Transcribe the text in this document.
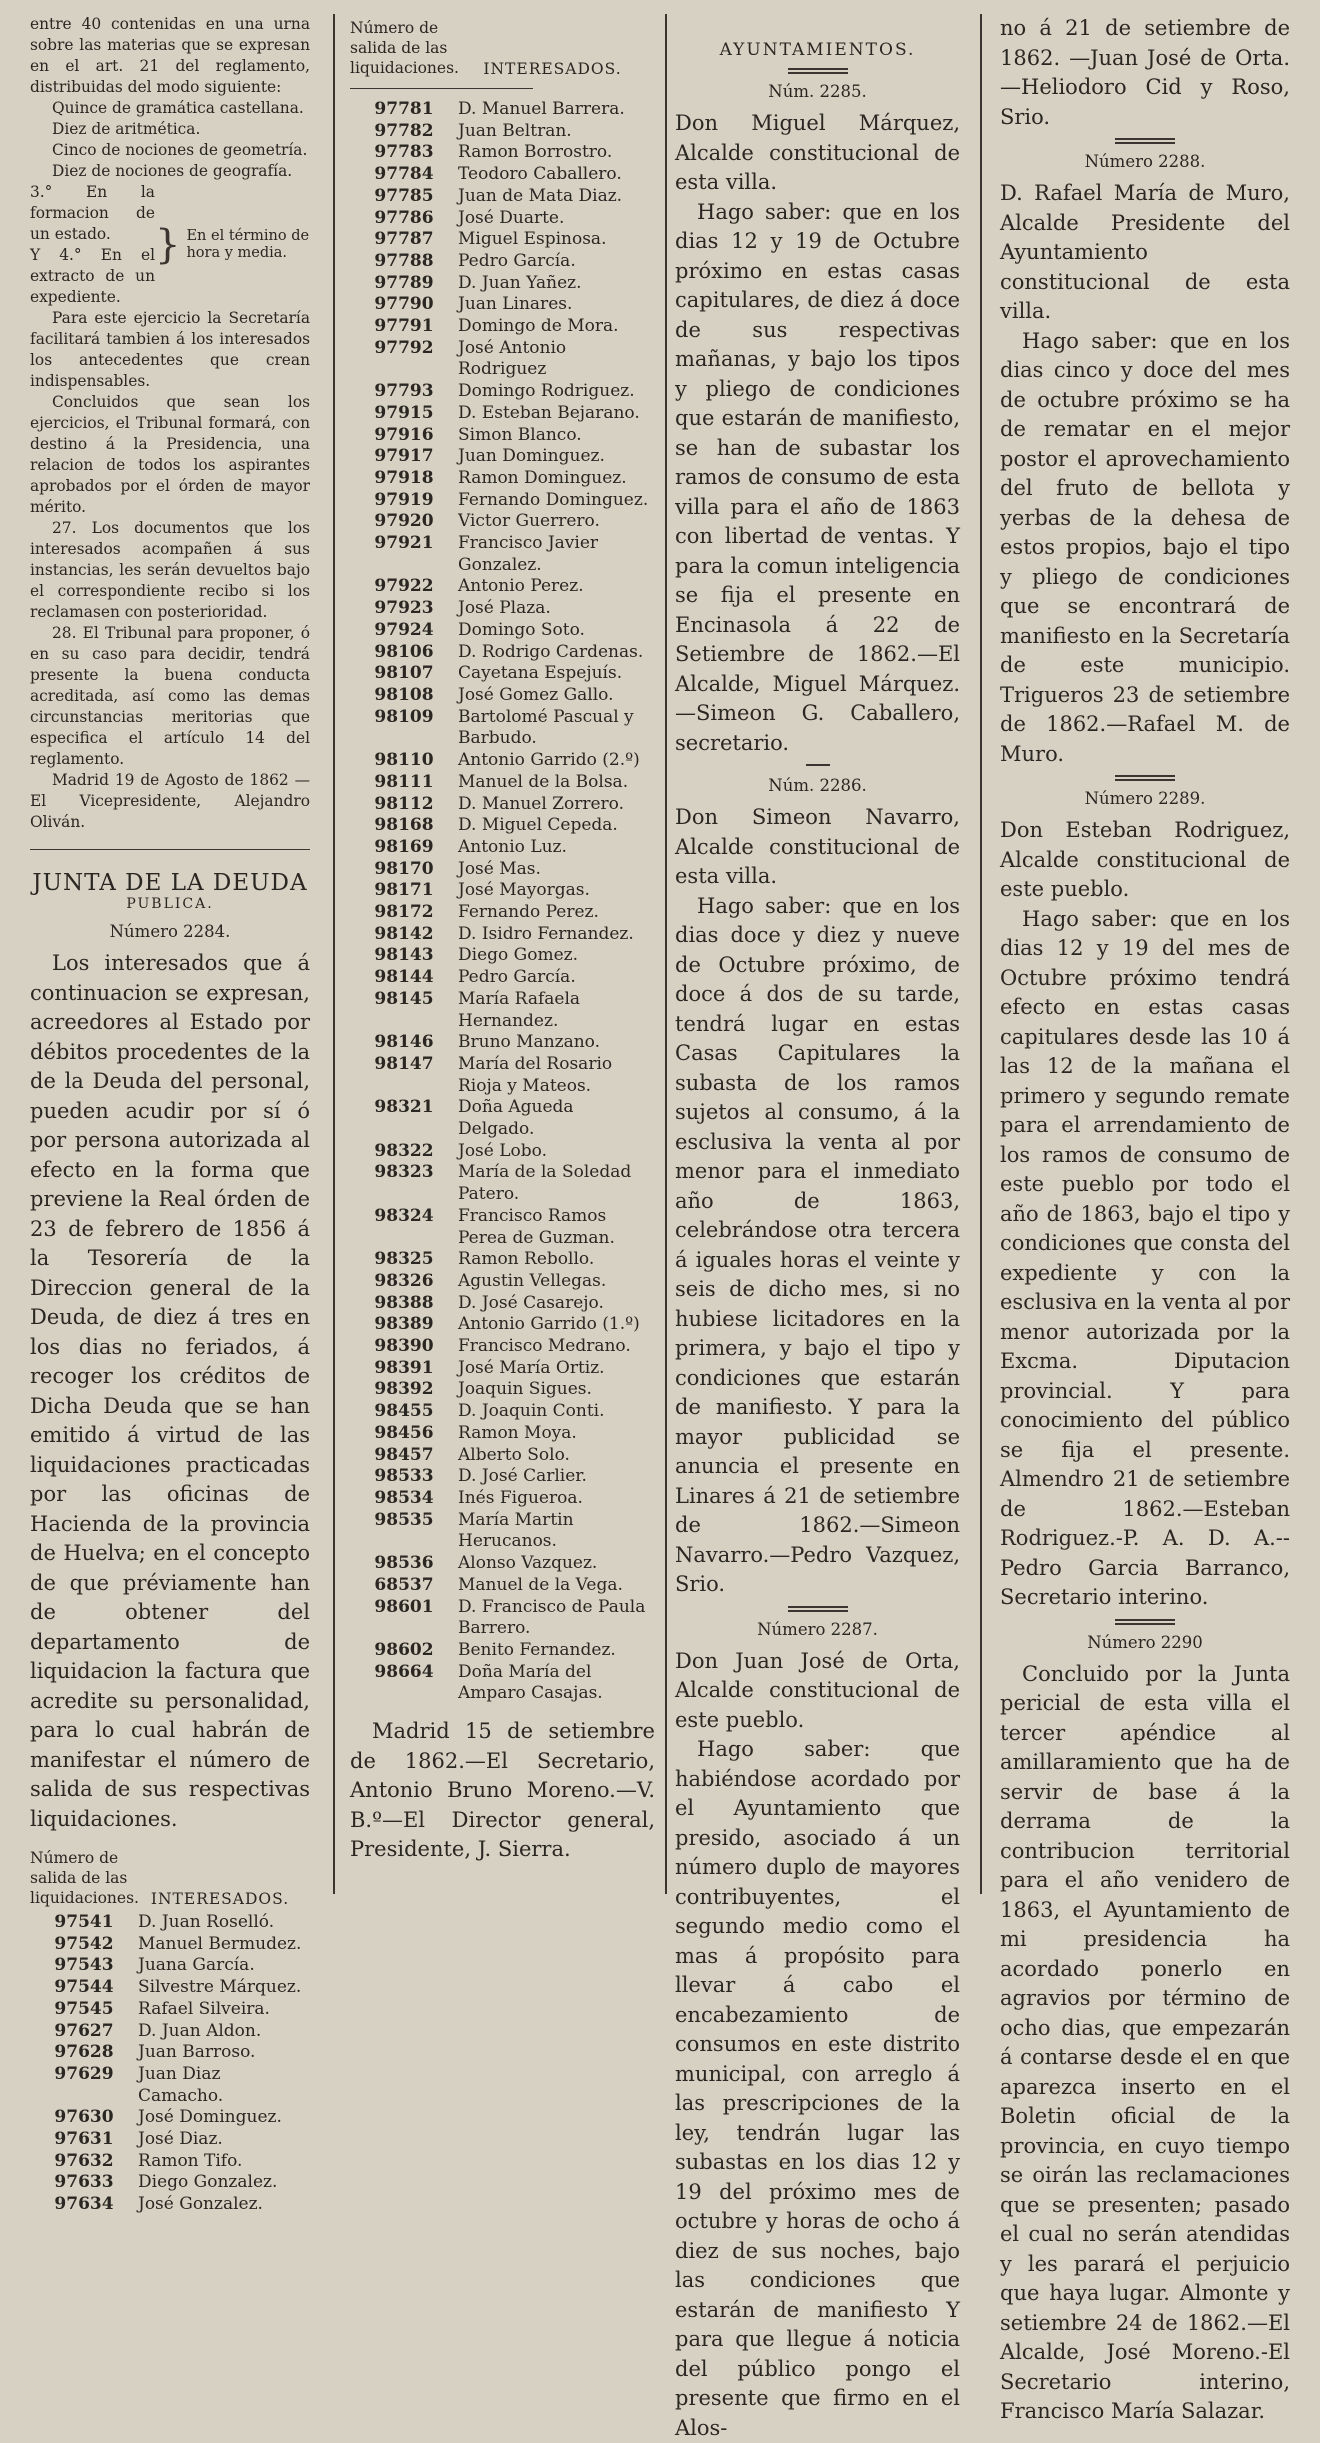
entre 40 contenidas en una urna sobre las materias que se expresan en el art. 21 del reglamento, distribuidas del modo siguiente:

Quince de gramática castellana.

Diez de aritmética.

Cinco de nociones de geometría.

Diez de nociones de geografía.

3.° En la formacion de un estado.

Y 4.° En el extracto de un expediente.

} En el término de hora y media.

Para este ejercicio la Secretaría facilitará tambien á los interesados los antecedentes que crean indispensables.

Concluidos que sean los ejercicios, el Tribunal formará, con destino á la Presidencia, una relacion de todos los aspirantes aprobados por el órden de mayor mérito.

27. Los documentos que los interesados acompañen á sus instancias, les serán devueltos bajo el correspondiente recibo si los reclamasen con posterioridad.

28. El Tribunal para proponer, ó en su caso para decidir, tendrá presente la buena conducta acreditada, así como las demas circunstancias meritorias que especifica el artículo 14 del reglamento.

Madrid 19 de Agosto de 1862 — El Vicepresidente, Alejandro Oliván.

JUNTA DE LA DEUDA
PUBLICA.
Número 2284.

Los interesados que á continuacion se expresan, acreedores al Estado por débitos procedentes de la de la Deuda del personal, pueden acudir por sí ó por persona autorizada al efecto en la forma que previene la Real órden de 23 de febrero de 1856 á la Tesorería de la Direccion general de la Deuda, de diez á tres en los dias no feriados, á recoger los créditos de Dicha Deuda que se han emitido á virtud de las liquidaciones practicadas por las oficinas de Hacienda de la provincia de Huelva; en el concepto de que préviamente han de obtener del departamento de liquidacion la factura que acredite su personalidad, para lo cual habrán de manifestar el número de salida de sus respectivas liquidaciones.

Número de salida de las liquidaciones. INTERESADOS.
97541	D. Juan Roselló.
97542	Manuel Bermudez.
97543	Juana García.
97544	Silvestre Márquez.
97545	Rafael Silveira.
97627	D. Juan Aldon.
97628	Juan Barroso.
97629	Juan Diaz Camacho.
97630	José Dominguez.
97631	José Diaz.
97632	Ramon Tifo.
97633	Diego Gonzalez.
97634	José Gonzalez.
Número de salida de las liquidaciones.	INTERESADOS.
97781	D. Manuel Barrera.
97782	Juan Beltran.
97783	Ramon Borrostro.
97784	Teodoro Caballero.
97785	Juan de Mata Diaz.
97786	José Duarte.
97787	Miguel Espinosa.
97788	Pedro García.
97789	D. Juan Yañez.
97790	Juan Linares.
97791	Domingo de Mora.
97792	José Antonio Rodriguez
97793	Domingo Rodriguez.
97915	D. Esteban Bejarano.
97916	Simon Blanco.
97917	Juan Dominguez.
97918	Ramon Dominguez.
97919	Fernando Dominguez.
97920	Victor Guerrero.
97921	Francisco Javier Gonzalez.
97922	Antonio Perez.
97923	José Plaza.
97924	Domingo Soto.
98106	D. Rodrigo Cardenas.
98107	Cayetana Espejuís.
98108	José Gomez Gallo.
98109	Bartolomé Pascual y Barbudo.
98110	Antonio Garrido (2.º)
98111	Manuel de la Bolsa.
98112	D. Manuel Zorrero.
98168	D. Miguel Cepeda.
98169	Antonio Luz.
98170	José Mas.
98171	José Mayorgas.
98172	Fernando Perez.
98142	D. Isidro Fernandez.
98143	Diego Gomez.
98144	Pedro García.
98145	María Rafaela Hernandez.
98146	Bruno Manzano.
98147	María del Rosario Rioja y Mateos.
98321	Doña Agueda Delgado.
98322	José Lobo.
98323	María de la Soledad Patero.
98324	Francisco Ramos Perea de Guzman.
98325	Ramon Rebollo.
98326	Agustin Vellegas.
98388	D. José Casarejo.
98389	Antonio Garrido (1.º)
98390	Francisco Medrano.
98391	José María Ortiz.
98392	Joaquin Sigues.
98455	D. Joaquin Conti.
98456	Ramon Moya.
98457	Alberto Solo.
98533	D. José Carlier.
98534	Inés Figueroa.
98535	María Martin Herucanos.
98536	Alonso Vazquez.
68537	Manuel de la Vega.
98601	D. Francisco de Paula Barrero.
98602	Benito Fernandez.
98664	Doña María del Amparo Casajas.

Madrid 15 de setiembre de 1862.—El Secretario, Antonio Bruno Moreno.—V. B.º—El Director general, Presidente, J. Sierra.

AYUNTAMIENTOS.
Núm. 2285.

Don Miguel Márquez, Alcalde constitucional de esta villa.

Hago saber: que en los dias 12 y 19 de Octubre próximo en estas casas capitulares, de diez á doce de sus respectivas mañanas, y bajo los tipos y pliego de condiciones que estarán de manifiesto, se han de subastar los ramos de consumo de esta villa para el año de 1863 con libertad de ventas. Y para la comun inteligencia se fija el presente en Encinasola á 22 de Setiembre de 1862.—El Alcalde, Miguel Márquez.—Simeon G. Caballero, secretario.

Núm. 2286.

Don Simeon Navarro, Alcalde constitucional de esta villa.

Hago saber: que en los dias doce y diez y nueve de Octubre próximo, de doce á dos de su tarde, tendrá lugar en estas Casas Capitulares la subasta de los ramos sujetos al consumo, á la esclusiva la venta al por menor para el inmediato año de 1863, celebrándose otra tercera á iguales horas el veinte y seis de dicho mes, si no hubiese licitadores en la primera, y bajo el tipo y condiciones que estarán de manifiesto. Y para la mayor publicidad se anuncia el presente en Linares á 21 de setiembre de 1862.—Simeon Navarro.—Pedro Vazquez, Srio.

Número 2287.

Don Juan José de Orta, Alcalde constitucional de este pueblo.

Hago saber: que habiéndose acordado por el Ayuntamiento que presido, asociado á un número duplo de mayores contribuyentes, el segundo medio como el mas á propósito para llevar á cabo el encabezamiento de consumos en este distrito municipal, con arreglo á las prescripciones de la ley, tendrán lugar las subastas en los dias 12 y 19 del próximo mes de octubre y horas de ocho á diez de sus noches, bajo las condiciones que estarán de manifiesto Y para que llegue á noticia del público pongo el presente que firmo en el Alos-

no á 21 de setiembre de 1862. —Juan José de Orta.—Heliodoro Cid y Roso, Srio.

Número 2288.

D. Rafael María de Muro, Alcalde Presidente del Ayuntamiento constitucional de esta villa.

Hago saber: que en los dias cinco y doce del mes de octubre próximo se ha de rematar en el mejor postor el aprovechamiento del fruto de bellota y yerbas de la dehesa de estos propios, bajo el tipo y pliego de condiciones que se encontrará de manifiesto en la Secretaría de este municipio. Trigueros 23 de setiembre de 1862.—Rafael M. de Muro.

Número 2289.

Don Esteban Rodriguez, Alcalde constitucional de este pueblo.

Hago saber: que en los dias 12 y 19 del mes de Octubre próximo tendrá efecto en estas casas capitulares desde las 10 á las 12 de la mañana el primero y segundo remate para el arrendamiento de los ramos de consumo de este pueblo por todo el año de 1863, bajo el tipo y condiciones que consta del expediente y con la esclusiva en la venta al por menor autorizada por la Excma. Diputacion provincial. Y para conocimiento del público se fija el presente. Almendro 21 de setiembre de 1862.—Esteban Rodriguez.-P. A. D. A.--Pedro Garcia Barranco, Secretario interino.

Número 2290

Concluido por la Junta pericial de esta villa el tercer apéndice al amillaramiento que ha de servir de base á la derrama de la contribucion territorial para el año venidero de 1863, el Ayuntamiento de mi presidencia ha acordado ponerlo en agravios por término de ocho dias, que empezarán á contarse desde el en que aparezca inserto en el Boletin oficial de la provincia, en cuyo tiempo se oirán las reclamaciones que se presenten; pasado el cual no serán atendidas y les parará el perjuicio que haya lugar. Almonte y setiembre 24 de 1862.—El Alcalde, José Moreno.-El Secretario interino, Francisco María Salazar.
